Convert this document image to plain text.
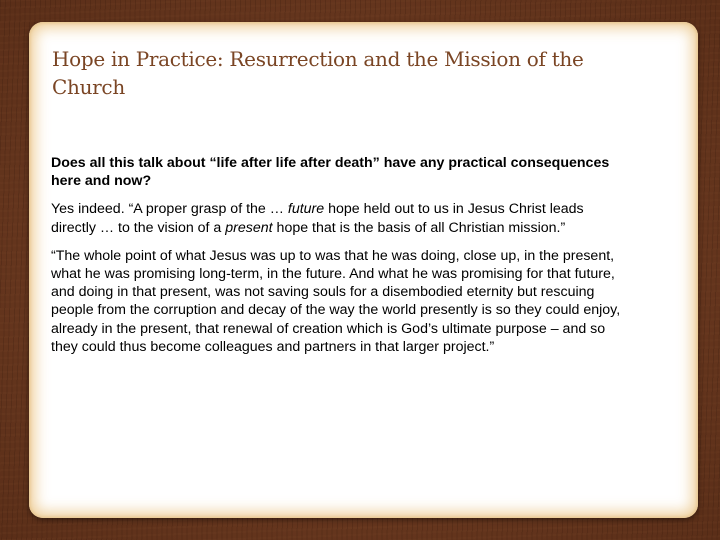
Hope in Practice: Resurrection and the Mission of the Church

Does all this talk about “life after life after death” have any practical consequences here and now?

Yes indeed. “A proper grasp of the … future hope held out to us in Jesus Christ leads directly … to the vision of a present hope that is the basis of all Christian mission.”

“The whole point of what Jesus was up to was that he was doing, close up, in the present, what he was promising long-term, in the future. And what he was promising for that future, and doing in that present, was not saving souls for a disembodied eternity but rescuing people from the corruption and decay of the way the world presently is so they could enjoy, already in the present, that renewal of creation which is God’s ultimate purpose – and so they could thus become colleagues and partners in that larger project.”
